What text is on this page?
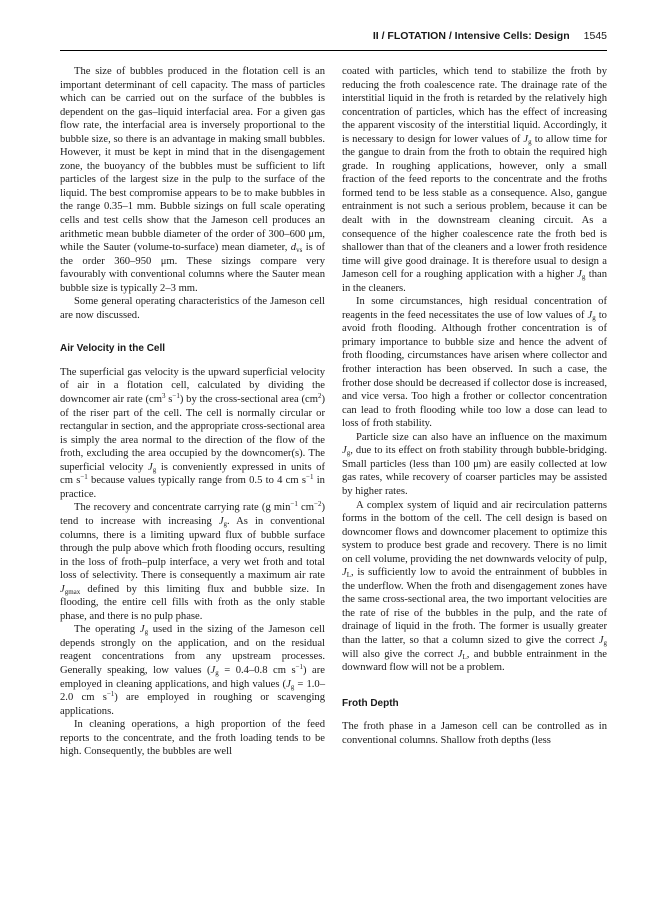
II / FLOTATION / Intensive Cells: Design 1545

The size of bubbles produced in the flotation cell is an important determinant of cell capacity. The mass of particles which can be carried out on the surface of the bubbles is dependent on the gas–liquid interfacial area. For a given gas flow rate, the interfacial area is inversely proportional to the bubble size, so there is an advantage in making small bubbles. However, it must be kept in mind that in the disengagement zone, the buoyancy of the bubbles must be sufficient to lift particles of the largest size in the pulp to the surface of the liquid. The best compromise appears to be to make bubbles in the range 0.35–1 mm. Bubble sizings on full scale operating cells and test cells show that the Jameson cell produces an arithmetic mean bubble diameter of the order of 300–600 μm, while the Sauter (volume-to-surface) mean diameter, $d_{vs}$ is of the order 360–950 μm. These sizings compare very favourably with conventional columns where the Sauter mean bubble size is typically 2–3 mm.

Some general operating characteristics of the Jameson cell are now discussed.

Air Velocity in the Cell

The superficial gas velocity is the upward superficial velocity of air in a flotation cell, calculated by dividing the downcomer air rate ($cm^3$ $s^{-1}$) by the cross-sectional area $(cm^2)$ of the riser part of the cell. The cell is normally circular or rectangular in section, and the appropriate cross-sectional area is simply the area normal to the direction of the flow of the froth, excluding the area occupied by the downcomer(s). The superficial velocity $J_g$ is conveniently expressed in units of cm $s^{-1}$ because values typically range from 0.5 to 4 cm $s^{-1}$ in practice.

The recovery and concentrate carrying rate (g $\min^{-1} cm^{-2}$) tend to increase with increasing $J_g$. As in conventional columns, there is a limiting upward flux of bubble surface through the pulp above which froth flooding occurs, resulting in the loss of froth–pulp interface, a very wet froth and total loss of selectivity. There is consequently a maximum air rate $J_{gmax}$ defined by this limiting flux and bubble size. In flooding, the entire cell fills with froth as the only stable phase, and there is no pulp phase.

The operating $J_g$ used in the sizing of the Jameson cell depends strongly on the application, and on the residual reagent concentrations from any upstream processes. Generally speaking, low values ($J_g = 0.4-0.8$ cm $s^{-1}$) are employed in cleaning applications, and high values ($J_g = 1.0-2.0$ cm $s^{-1}$) are employed in roughing or scavenging applications.

In cleaning operations, a high proportion of the feed reports to the concentrate, and the froth loading tends to be high. Consequently, the bubbles are well

coated with particles, which tend to stabilize the froth by reducing the froth coalescence rate. The drainage rate of the interstitial liquid in the froth is retarded by the relatively high concentration of particles, which has the effect of increasing the apparent viscosity of the interstitial liquid. Accordingly, it is necessary to design for lower values of $J_g$ to allow time for the gangue to drain from the froth to obtain the required high grade. In roughing applications, however, only a small fraction of the feed reports to the concentrate and the froths formed tend to be less stable as a consequence. Also, gangue entrainment is not such a serious problem, because it can be dealt with in the downstream cleaning circuit. As a consequence of the higher coalescence rate the froth bed is shallower than that of the cleaners and a lower froth residence time will give good drainage. It is therefore usual to design a Jameson cell for a roughing application with a higher $J_g$ than in the cleaners.

In some circumstances, high residual concentration of reagents in the feed necessitates the use of low values of $J_g$ to avoid froth flooding. Although frother concentration is of primary importance to bubble size and hence the advent of froth flooding, circumstances have arisen where collector and frother interaction has been observed. In such a case, the frother dose should be decreased if collector dose is increased, and vice versa. Too high a frother or collector concentration can lead to froth flooding while too low a dose can lead to loss of froth stability.

Particle size can also have an influence on the maximum $J_g$, due to its effect on froth stability through bubble-bridging. Small particles (less than 100 μm) are easily collected at low gas rates, while recovery of coarser particles may be assisted by higher rates.

A complex system of liquid and air recirculation patterns forms in the bottom of the cell. The cell design is based on downcomer flows and downcomer placement to optimize this system to produce best grade and recovery. There is no limit on cell volume, providing the net downwards velocity of pulp, $J_L$, is sufficiently low to avoid the entrainment of bubbles in the underflow. When the froth and disengagement zones have the same cross-sectional area, the two important velocities are the rate of rise of the bubbles in the pulp, and the rate of drainage of liquid in the froth. The former is usually greater than the latter, so that a column sized to give the correct $J_g$ will also give the correct $J_L$, and bubble entrainment in the downward flow will not be a problem.

Froth Depth

The froth phase in a Jameson cell can be controlled as in conventional columns. Shallow froth depths (less
